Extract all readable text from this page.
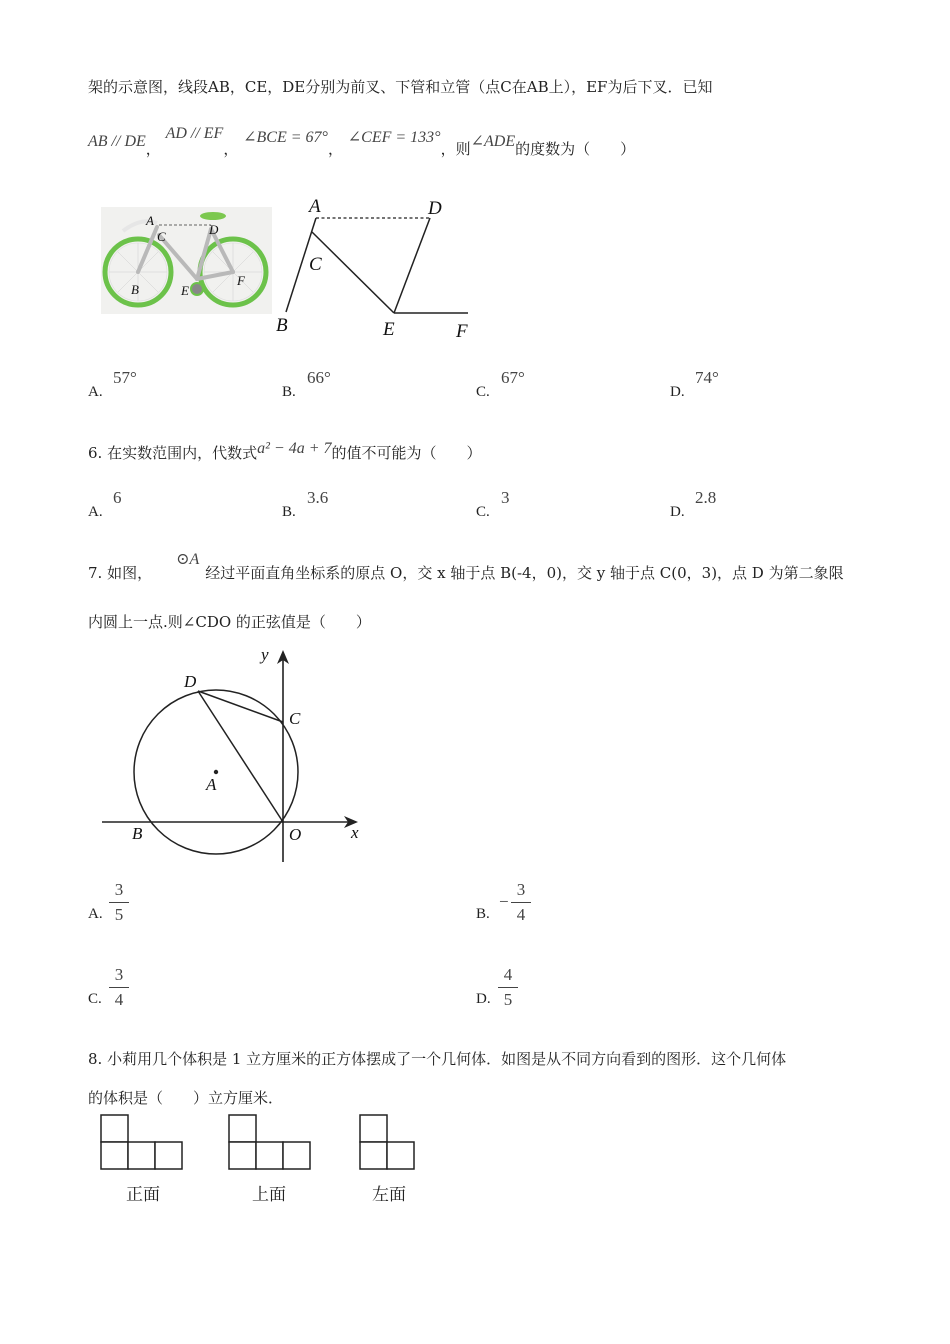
架的示意图，线段AB，CE，DE分别为前叉、下管和立管（点C在AB上），EF为后下叉．已知
AB // DE， AD // EF， ∠BCE = 67°， ∠CEF = 133°，则∠ADE的度数为（　　）
A
D
C
B	E
F
A	D
C
B	E	F
A.
57°
B.
66°
C.
67°
D.
74°
6. 在实数范围内，代数式a² − 4a + 7的值不可能为（　　）
A.
6
B.
3.6
C.
3
D.
2.8
7. 如图，⊙A经过平面直角坐标系的原点 O，交 x 轴于点 B(-4，0)，交 y 轴于点 C(0，3)，点 D 为第二象限
内圆上一点.则∠CDO 的正弦值是（　　）
y
x
D
C
A
B	O
A.
3
5	B.
−
3
4
C.
3
4	D.
4
5
8. 小莉用几个体积是 1 立方厘米的正方体摆成了一个几何体．如图是从不同方向看到的图形．这个几何体
的体积是（　　）立方厘米．
正面	上面	左面
